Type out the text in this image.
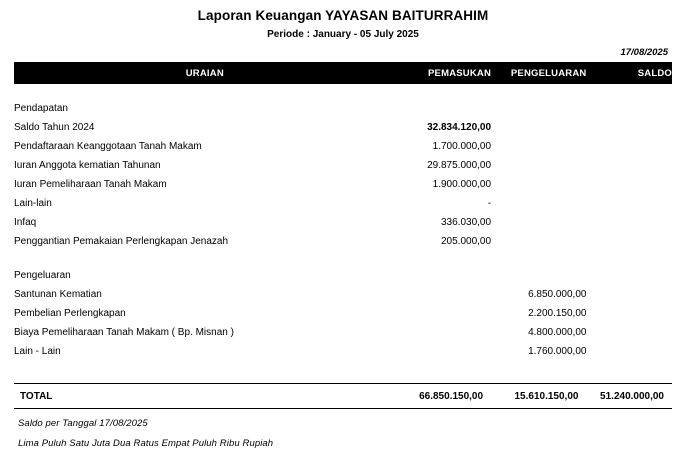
Laporan Keuangan YAYASAN BAITURRAHIM
Periode : January - 05 July 2025
17/08/2025
URAIAN	PEMASUKAN	PENGELUARAN	SALDO

Pendapatan			
Saldo Tahun 2024	32.834.120,00		
Pendaftaraan Keanggotaan Tanah Makam	1.700.000,00		
Iuran Anggota kematian Tahunan	29.875.000,00		
Iuran Pemeliharaan Tanah Makam	1.900.000,00		
Lain-lain	-		
Infaq	336.030,00		
Penggantian Pemakaian Perlengkapan Jenazah	205.000,00		

Pengeluaran			
Santunan Kematian		6.850.000,00	
Pembelian Perlengkapan		2.200.150,00	
Biaya Pemeliharaan Tanah Makam ( Bp. Misnan )		4.800.000,00	
Lain - Lain		1.760.000,00	

TOTAL	66.850.150,00	15.610.150,00	51.240.000,00
Saldo per Tanggal 17/08/2025
Lima Puluh Satu Juta Dua Ratus Empat Puluh Ribu Rupiah
